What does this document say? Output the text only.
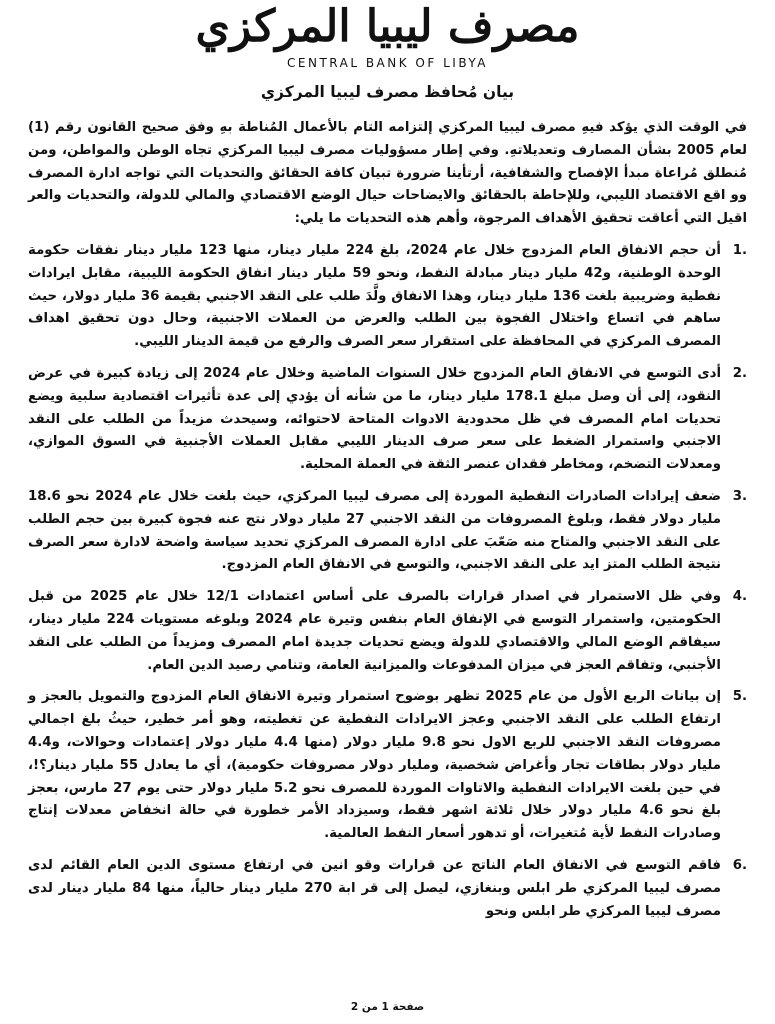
مصرف ليبيا المركزي
CENTRAL BANK OF LIBYA
بيان مُحافظ مصرف ليبيا المركزي

في الوقت الذي يؤكد فيهِ مصرف ليبيا المركزي إلتزامه التام بالأعمال المُناطة بهِ وفق صحيح القانون رقم (1) لعام 2005 بشأن المصارف وتعديلاتهِ. وفي إطار مسؤوليات مصرف ليبيا المركزي تجاه الوطن والمواطن، ومن مُنطلق مُراعاة مبدأ الإفصاح والشفافية، أرتأينا ضرورة تبيان كافة الحقائق والتحديات التي تواجه ادارة المصرف وو اقع الاقتصاد الليبي، وللإحاطة بالحقائق والايضاحات حيال الوضع الاقتصادي والمالي للدولة، والتحديات والعر اقيل التي أعاقت تحقيق الأهداف المرجوة، وأهم هذه التحديات ما يلي:

1.
أن حجم الانفاق العام المزدوج خلال عام 2024، بلغ 224 مليار دينار، منها 123 مليار دينار نفقات حكومة الوحدة الوطنية، و42 مليار دينار مبادلة النفط، ونحو 59 مليار دينار انفاق الحكومة الليبية، مقابل ايرادات نفطية وضريبية بلغت 136 مليار دينار، وهذا الانفاق ولَّدَ طلب على النقد الاجنبي بقيمة 36 مليار دولار، حيث ساهم في اتساع واختلال الفجوة بين الطلب والعرض من العملات الاجنبية، وحال دون تحقيق اهداف المصرف المركزي في المحافظة على استقرار سعر الصرف والرفع من قيمة الدينار الليبي.
2.
أدى التوسع في الانفاق العام المزدوج خلال السنوات الماضية وخلال عام 2024 إلى زيادة كبيرة في عرض النقود، إلى أن وصل مبلغ 178.1 مليار دينار، ما من شأنه أن يؤدي إلى عدة تأثيرات اقتصادية سلبية ويضع تحديات امام المصرف في ظل محدودية الادوات المتاحة لاحتوائه، وسيحدث مزيداً من الطلب على النقد الاجنبي واستمرار الضغط على سعر صرف الدينار الليبي مقابل العملات الأجنبية في السوق الموازي، ومعدلات التضخم، ومخاطر فقدان عنصر الثقة في العملة المحلية.
3.
ضعف إيرادات الصادرات النفطية الموردة إلى مصرف ليبيا المركزي، حيث بلغت خلال عام 2024 نحو 18.6 مليار دولار فقط، وبلوغ المصروفات من النقد الاجنبي 27 مليار دولار نتج عنه فجوة كبيرة بين حجم الطلب على النقد الاجنبي والمتاح منه صَعّبَ على ادارة المصرف المركزي تحديد سياسة واضحة لادارة سعر الصرف نتيجة الطلب المتز ايد على النقد الاجنبي، والتوسع في الانفاق العام المزدوج.
4.
وفي ظل الاستمرار في اصدار قرارات بالصرف على أساس اعتمادات 12/1 خلال عام 2025 من قبل الحكومتين، واستمرار التوسع في الإنفاق العام بنفس وتيرة عام 2024 وبلوغه مستويات 224 مليار دينار، سيفاقم الوضع المالي والاقتصادي للدولة ويضع تحديات جديدة امام المصرف ومزيداً من الطلب على النقد الأجنبي، وتفاقم العجز في ميزان المدفوعات والميزانية العامة، وتنامي رصيد الدين العام.
5.
إن بيانات الربع الأول من عام 2025 تظهر بوضوح استمرار وتيرة الانفاق العام المزدوج والتمويل بالعجز و ارتفاع الطلب على النقد الاجنبي وعجز الايرادات النفطية عن تغطيته، وهو أمر خطير، حيثُ بلغ اجمالي مصروفات النقد الاجنبي للربع الاول نحو 9.8 مليار دولار (منها 4.4 مليار دولار إعتمادات وحوالات، و4.4 مليار دولار بطاقات تجار وأغراض شخصية، ومليار دولار مصروفات حكومية)، أي ما يعادل 55 مليار دينار؟!، في حين بلغت الايرادات النفطية والاتاوات الموردة للمصرف نحو 5.2 مليار دولار حتى يوم 27 مارس، بعجز بلغ نحو 4.6 مليار دولار خلال ثلاثة اشهر فقط، وسيزداد الأمر خطورة في حالة انخفاض معدلات إنتاج وصادرات النفط لأية مُتغيرات، أو تدهور أسعار النفط العالمية.
6.
فاقم التوسع في الانفاق العام الناتج عن قرارات وقو انين في ارتفاع مستوى الدين العام القائم لدى مصرف ليبيا المركزي طر ابلس وبنغازي، ليصل إلى قر ابة 270 مليار دينار حالياً، منها 84 مليار دينار لدى مصرف ليبيا المركزي طر ابلس ونحو
صفحة 1 من 2
